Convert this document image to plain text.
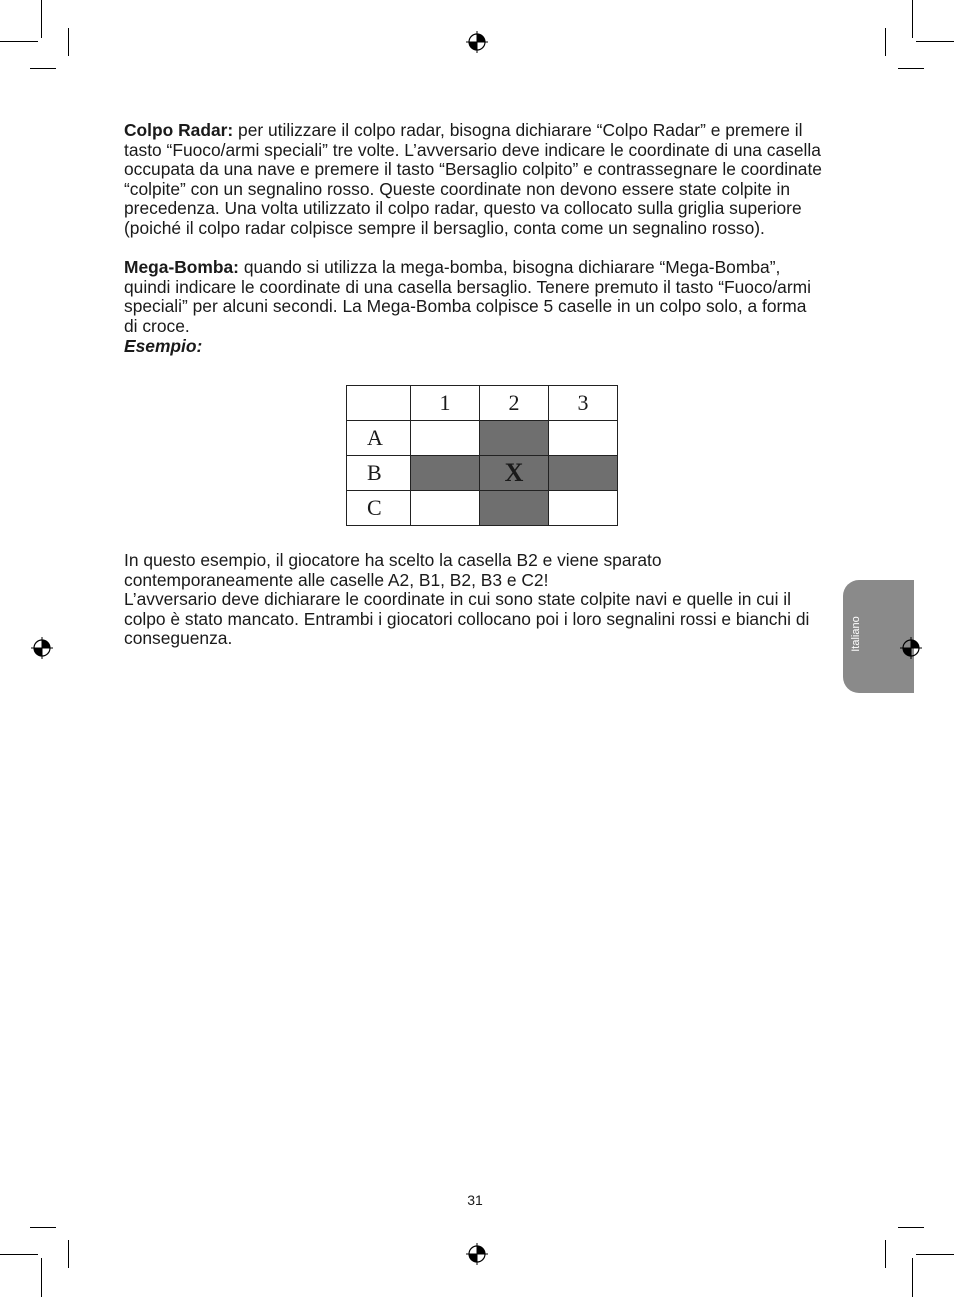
Italiano

Colpo Radar: per utilizzare il colpo radar, bisogna dichiarare “Colpo Radar” e premere il tasto “Fuoco/armi speciali” tre volte. L’avversario deve indicare le coordinate di una casella occupata da una nave e premere il tasto “Bersaglio colpito” e contrassegnare le coordinate “colpite” con un segnalino rosso. Queste coordinate non devono essere state colpite in precedenza. Una volta utilizzato il colpo radar, questo va collocato sulla griglia superiore (poiché il colpo radar colpisce sempre il bersaglio, conta come un segnalino rosso).

Mega-Bomba: quando si utilizza la mega-bomba, bisogna dichiarare “Mega-Bomba”, quindi indicare le coordinate di una casella bersaglio. Tenere premuto il tasto “Fuoco/armi speciali” per alcuni secondi. La Mega-Bomba colpisce 5 caselle in un colpo solo, a forma di croce.
Esempio:

	1	2	3
A			
B		X	
C			

In questo esempio, il giocatore ha scelto la casella B2 e viene sparato contemporaneamente alle caselle A2, B1, B2, B3 e C2!
L’avversario deve dichiarare le coordinate in cui sono state colpite navi e quelle in cui il colpo è stato mancato. Entrambi i giocatori collocano poi i loro segnalini rossi e bianchi di conseguenza.

31
